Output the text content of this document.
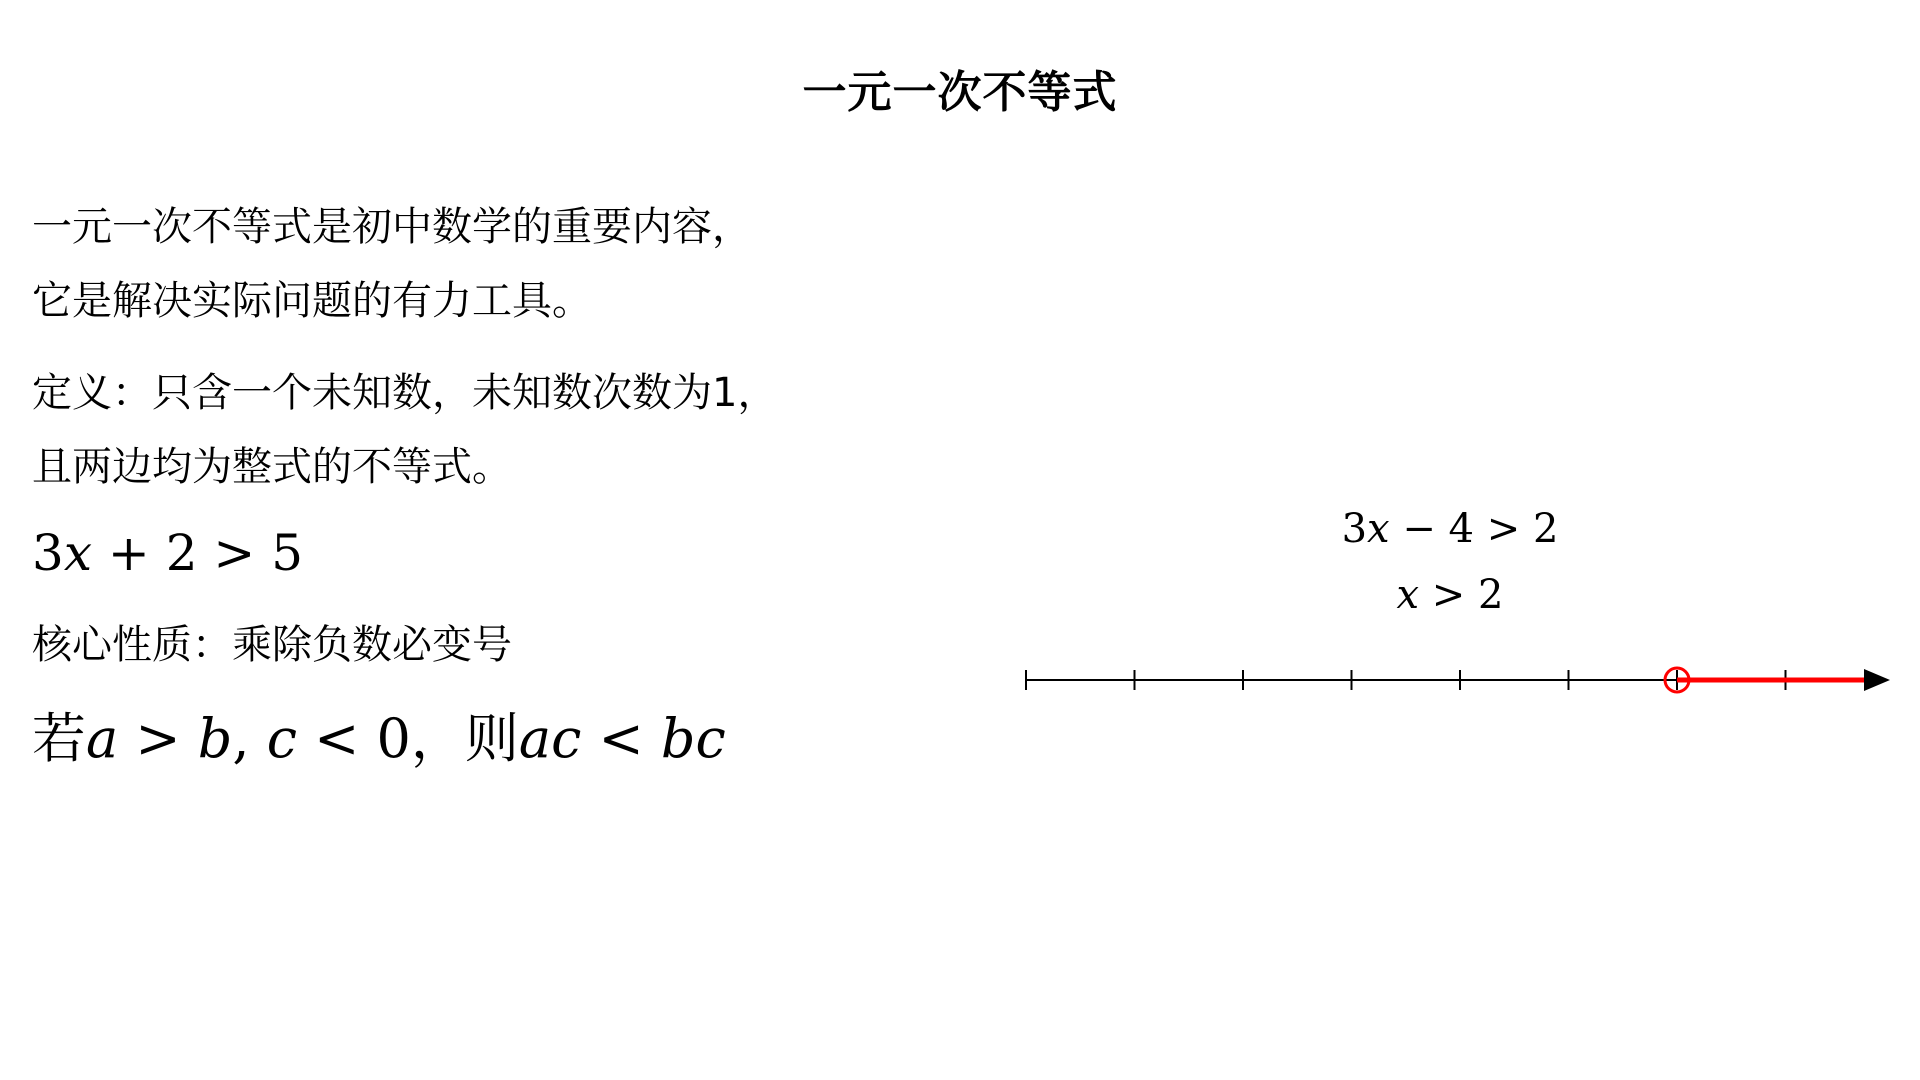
一元一次不等式

一元一次不等式是初中数学的重要内容，
它是解决实际问题的有力工具。

定义：只含一个未知数，未知数次数为1，
且两边均为整式的不等式。

3x + 2 > 5

核心性质：乘除负数必变号

若a > b, c < 0，则ac < bc
3x − 4 > 2
x > 2
